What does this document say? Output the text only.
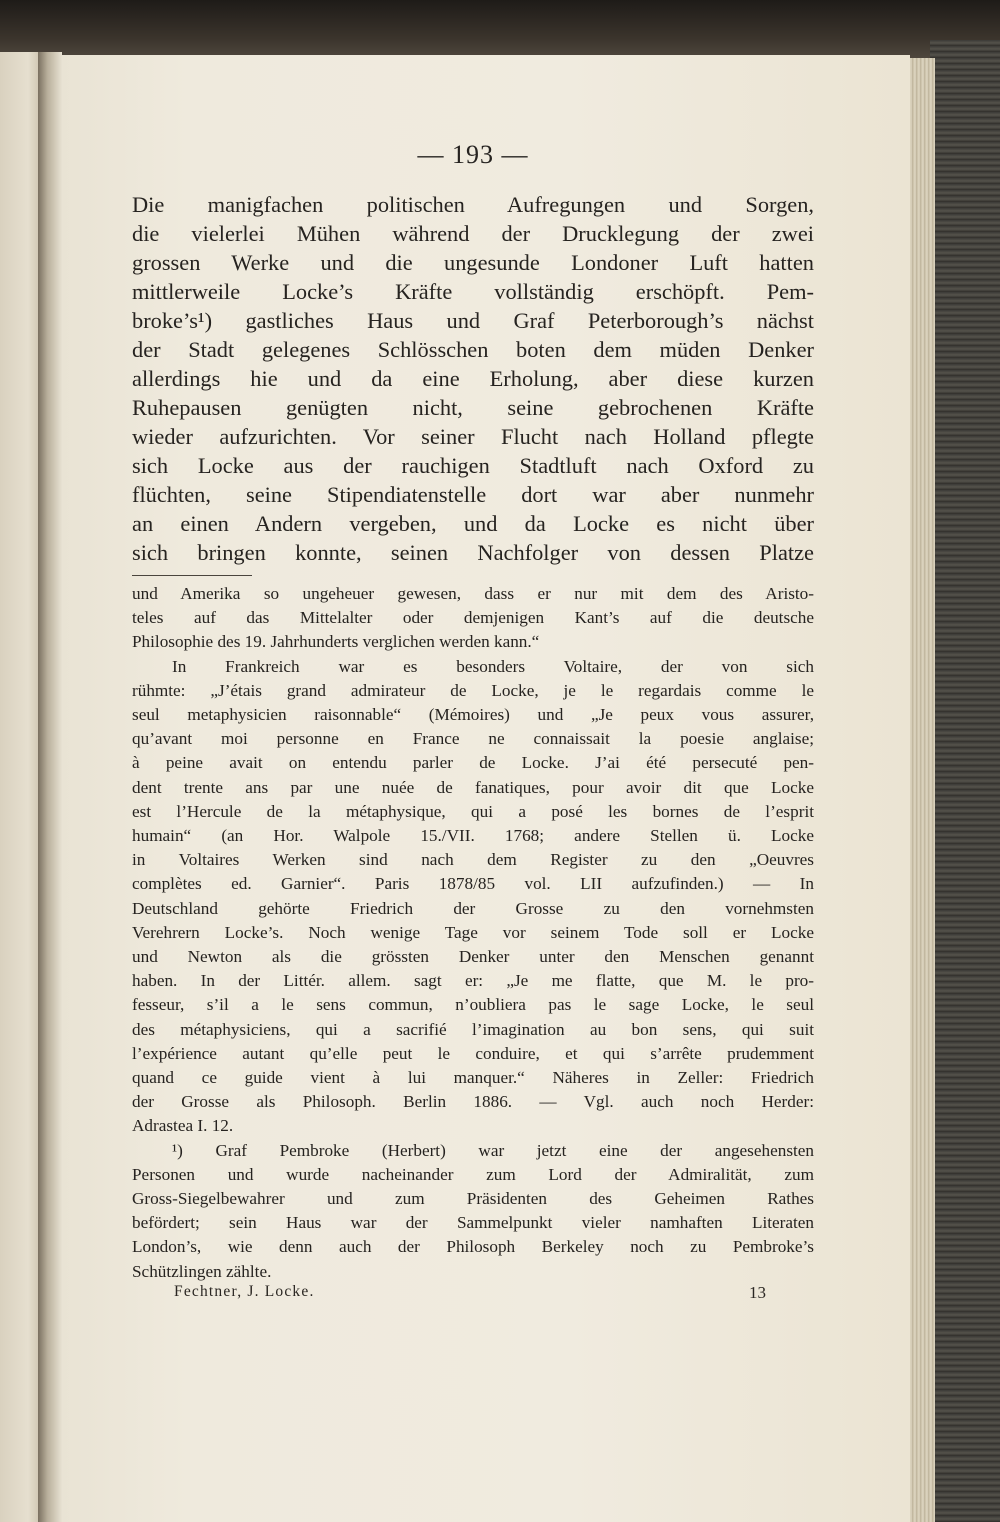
— 193 —
Die manigfachen politischen Aufregungen und Sorgen,
die vielerlei Mühen während der Drucklegung der zwei
grossen Werke und die ungesunde Londoner Luft hatten
mittlerweile Locke’s Kräfte vollständig erschöpft. Pem-
broke’s¹) gastliches Haus und Graf Peterborough’s nächst
der Stadt gelegenes Schlösschen boten dem müden Denker
allerdings hie und da eine Erholung, aber diese kurzen
Ruhepausen genügten nicht, seine gebrochenen Kräfte
wieder aufzurichten. Vor seiner Flucht nach Holland pflegte
sich Locke aus der rauchigen Stadtluft nach Oxford zu
flüchten, seine Stipendiatenstelle dort war aber nunmehr
an einen Andern vergeben, und da Locke es nicht über
sich bringen konnte, seinen Nachfolger von dessen Platze
und Amerika so ungeheuer gewesen, dass er nur mit dem des Aristo-
teles auf das Mittelalter oder demjenigen Kant’s auf die deutsche
Philosophie des 19. Jahrhunderts verglichen werden kann.“
In Frankreich war es besonders Voltaire, der von sich
rühmte: „J’étais grand admirateur de Locke, je le regardais comme le
seul metaphysicien raisonnable“ (Mémoires) und „Je peux vous assurer,
qu’avant moi personne en France ne connaissait la poesie anglaise;
à peine avait on entendu parler de Locke. J’ai été persecuté pen-
dent trente ans par une nuée de fanatiques, pour avoir dit que Locke
est l’Hercule de la métaphysique, qui a posé les bornes de l’esprit
humain“ (an Hor. Walpole 15./VII. 1768; andere Stellen ü. Locke
in Voltaires Werken sind nach dem Register zu den „Oeuvres
complètes ed. Garnier“. Paris 1878/85 vol. LII aufzufinden.) — In
Deutschland gehörte Friedrich der Grosse zu den vornehmsten
Verehrern Locke’s. Noch wenige Tage vor seinem Tode soll er Locke
und Newton als die grössten Denker unter den Menschen genannt
haben. In der Littér. allem. sagt er: „Je me flatte, que M. le pro-
fesseur, s’il a le sens commun, n’oubliera pas le sage Locke, le seul
des métaphysiciens, qui a sacrifié l’imagination au bon sens, qui suit
l’expérience autant qu’elle peut le conduire, et qui s’arrête prudemment
quand ce guide vient à lui manquer.“ Näheres in Zeller: Friedrich
der Grosse als Philosoph. Berlin 1886. — Vgl. auch noch Herder:
Adrastea I. 12.
¹) Graf Pembroke (Herbert) war jetzt eine der angesehensten
Personen und wurde nacheinander zum Lord der Admiralität, zum
Gross-Siegelbewahrer und zum Präsidenten des Geheimen Rathes
befördert; sein Haus war der Sammelpunkt vieler namhaften Literaten
London’s, wie denn auch der Philosoph Berkeley noch zu Pembroke’s
Schützlingen zählte.
Fechtner, J. Locke.	13
